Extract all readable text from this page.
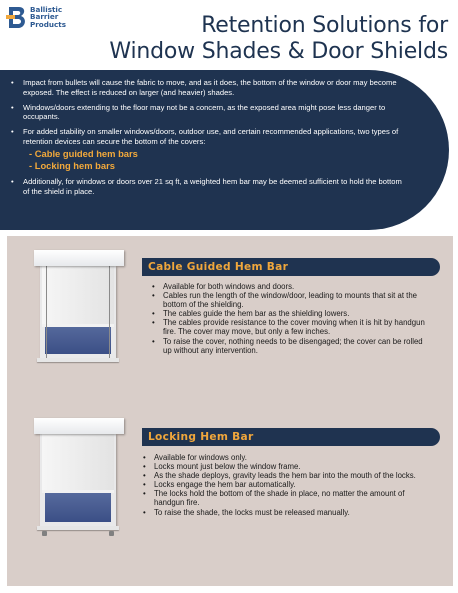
Ballistic
Barrier
Products	Retention Solutions for
Window Shades & Door Shields
• Impact from bullets will cause the fabric to move, and as it does, the bottom of the window or door may become exposed. The effect is reduced on larger (and heavier) shades.
• Windows/doors extending to the floor may not be a concern, as the exposed area might pose less danger to occupants.
• For added stability on smaller windows/doors, outdoor use, and certain recommended applications, two types of retention devices can secure the bottom of the covers:
- Cable guided hem bars
- Locking hem bars
• Additionally, for windows or doors over 21 sq ft, a weighted hem bar may be deemed sufficient to hold the bottom of the shield in place.
Cable Guided Hem Bar
• Available for both windows and doors.
• Cables run the length of the window/door, leading to mounts that sit at the bottom of the shielding.
• The cables guide the hem bar as the shielding lowers.
• The cables provide resistance to the cover moving when it is hit by handgun fire. The cover may move, but only a few inches.
• To raise the cover, nothing needs to be disengaged; the cover can be rolled up without any intervention.
Locking Hem Bar
• Available for windows only.
• Locks mount just below the window frame.
• As the shade deploys, gravity leads the hem bar into the mouth of the locks.
• Locks engage the hem bar automatically.
• The locks hold the bottom of the shade in place, no matter the amount of handgun fire.
• To raise the shade, the locks must be released manually.
